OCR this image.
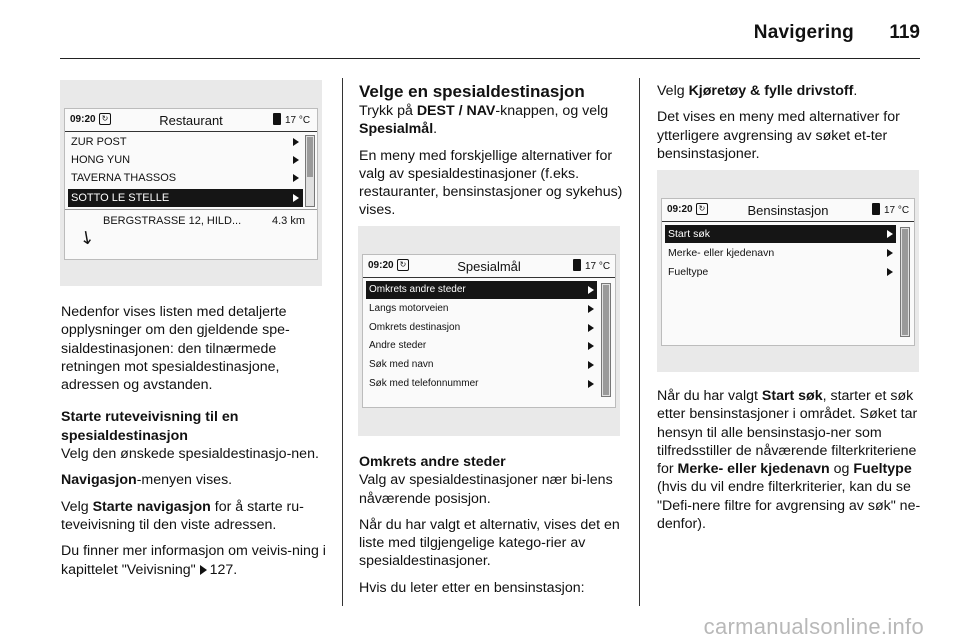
Navigering 119
09:20 ↻	Restaurant	17 °C
ZUR POST
HONG YUN
TAVERNA THASSOS
SOTTO LE STELLE
↘
BERGSTRASSE 12, HILD...	4.3 km

Nedenfor vises listen med detaljerte opplysninger om den gjeldende spe-sialdestinasjonen: den tilnærmede retningen mot spesialdestinasjone, adressen og avstanden.

Starte ruteveivisning til en spesialdestinasjon

Velg den ønskede spesialdestinasjo-nen.

Navigasjon-menyen vises.

Velg Starte navigasjon for å starte ru-teveivisning til den viste adressen.

Du finner mer informasjon om veivis-ning i kapittelet "Veivisning" 127.

Velge en spesialdestinasjon

Trykk på DEST / NAV-knappen, og velg Spesialmål.

En meny med forskjellige alternativer for valg av spesialdestinasjoner (f.eks. restauranter, bensinstasjoner og sykehus) vises.

09:20 ↻	Spesialmål	17 °C
Omkrets andre steder
Langs motorveien
Omkrets destinasjon
Andre steder
Søk med navn
Søk med telefonnummer

Omkrets andre steder

Valg av spesialdestinasjoner nær bi-lens nåværende posisjon.

Når du har valgt et alternativ, vises det en liste med tilgjengelige katego-rier av spesialdestinasjoner.

Hvis du leter etter en bensinstasjon:

Velg Kjøretøy & fylle drivstoff.

Det vises en meny med alternativer for ytterligere avgrensing av søket et-ter bensinstasjoner.

09:20 ↻	Bensinstasjon	17 °C
Start søk
Merke- eller kjedenavn
Fueltype

Når du har valgt Start søk, starter et søk etter bensinstasjoner i området. Søket tar hensyn til alle bensinstasjo-ner som tilfredsstiller de nåværende filterkriteriene for Merke- eller kjedenavn og Fueltype (hvis du vil endre filterkriterier, kan du se "Defi-nere filtre for avgrensing av søk" ne-denfor).

carmanualsonline.info
